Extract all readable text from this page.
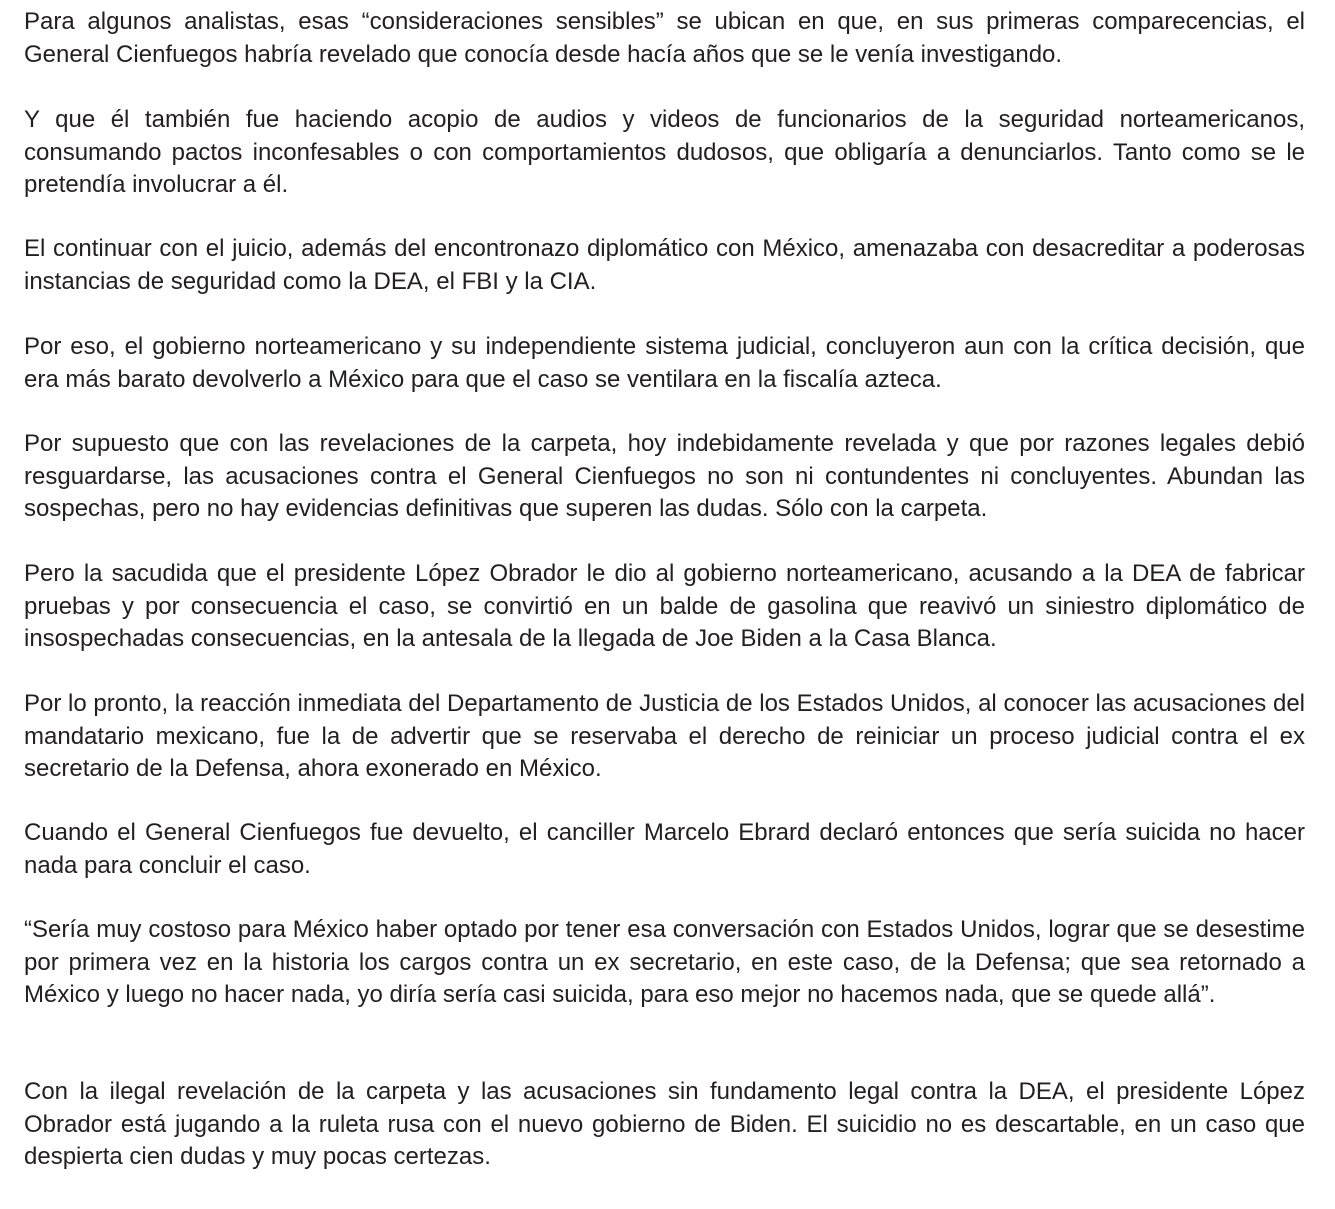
Para algunos analistas, esas “consideraciones sensibles” se ubican en que, en sus primeras comparecencias, el General Cienfuegos habría revelado que conocía desde hacía años que se le venía investigando.

Y que él también fue haciendo acopio de audios y videos de funcionarios de la seguridad norteamericanos, consumando pactos inconfesables o con comportamientos dudosos, que obligaría a denunciarlos. Tanto como se le pretendía involucrar a él.

El continuar con el juicio, además del encontronazo diplomático con México, amenazaba con desacreditar a poderosas instancias de seguridad como la DEA, el FBI y la CIA.

Por eso, el gobierno norteamericano y su independiente sistema judicial, concluyeron aun con la crítica decisión, que era más barato devolverlo a México para que el caso se ventilara en la fiscalía azteca.

Por supuesto que con las revelaciones de la carpeta, hoy indebidamente revelada y que por razones legales debió resguardarse, las acusaciones contra el General Cienfuegos no son ni contundentes ni concluyentes. Abundan las sospechas, pero no hay evidencias definitivas que superen las dudas. Sólo con la carpeta.

Pero la sacudida que el presidente López Obrador le dio al gobierno norteamericano, acusando a la DEA de fabricar pruebas y por consecuencia el caso, se convirtió en un balde de gasolina que reavivó un siniestro diplomático de insospechadas consecuencias, en la antesala de la llegada de Joe Biden a la Casa Blanca.

Por lo pronto, la reacción inmediata del Departamento de Justicia de los Estados Unidos, al conocer las acusaciones del mandatario mexicano, fue la de advertir que se reservaba el derecho de reiniciar un proceso judicial contra el ex secretario de la Defensa, ahora exonerado en México.

Cuando el General Cienfuegos fue devuelto, el canciller Marcelo Ebrard declaró entonces que sería suicida no hacer nada para concluir el caso.

“Sería muy costoso para México haber optado por tener esa conversación con Estados Unidos, lograr que se desestime por primera vez en la historia los cargos contra un ex secretario, en este caso, de la Defensa; que sea retornado a México y luego no hacer nada, yo diría sería casi suicida, para eso mejor no hacemos nada, que se quede allá”.

Con la ilegal revelación de la carpeta y las acusaciones sin fundamento legal contra la DEA, el presidente López Obrador está jugando a la ruleta rusa con el nuevo gobierno de Biden. El suicidio no es descartable, en un caso que despierta cien dudas y muy pocas certezas.
